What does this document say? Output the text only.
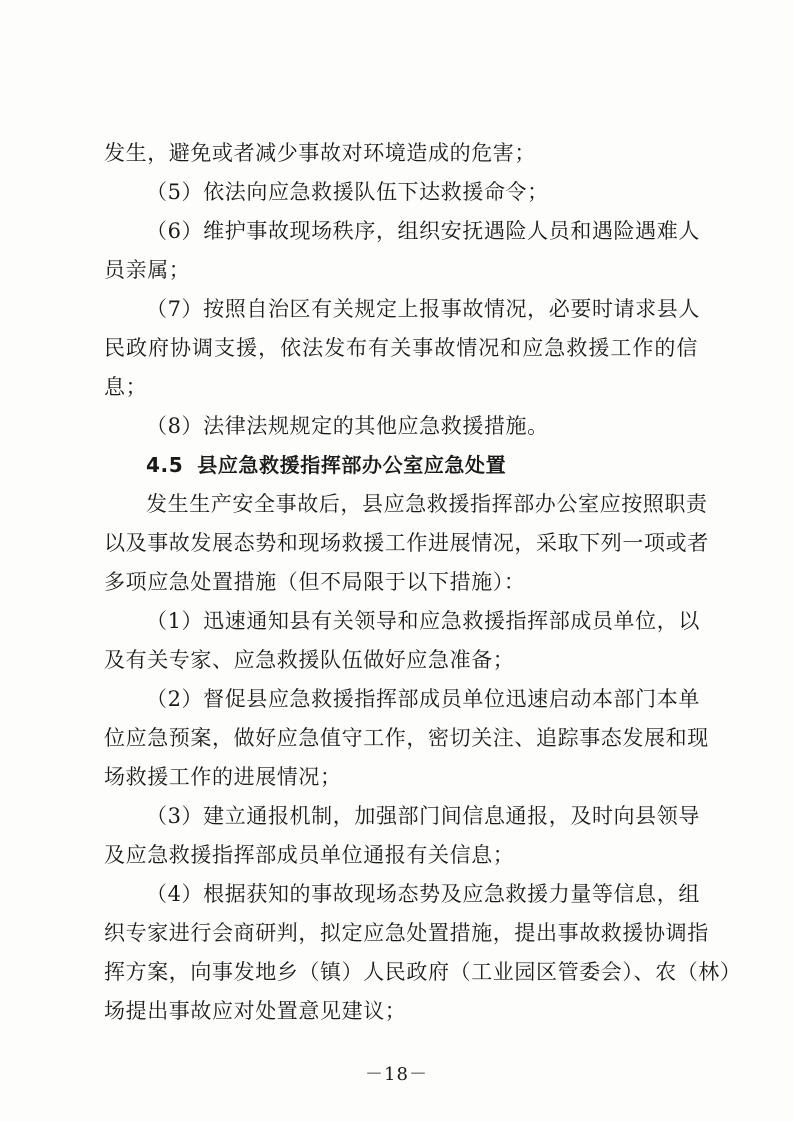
发生，避免或者减少事故对环境造成的危害；
（5）依法向应急救援队伍下达救援命令；
（6）维护事故现场秩序，组织安抚遇险人员和遇险遇难人
员亲属；
（7）按照自治区有关规定上报事故情况，必要时请求县人
民政府协调支援，依法发布有关事故情况和应急救援工作的信
息；
（8）法律法规规定的其他应急救援措施。
4.5 县应急救援指挥部办公室应急处置
发生生产安全事故后，县应急救援指挥部办公室应按照职责
以及事故发展态势和现场救援工作进展情况，采取下列一项或者
多项应急处置措施（但不局限于以下措施）：
（1）迅速通知县有关领导和应急救援指挥部成员单位，以
及有关专家、应急救援队伍做好应急准备；
（2）督促县应急救援指挥部成员单位迅速启动本部门本单
位应急预案，做好应急值守工作，密切关注、追踪事态发展和现
场救援工作的进展情况；
（3）建立通报机制，加强部门间信息通报，及时向县领导
及应急救援指挥部成员单位通报有关信息；
（4）根据获知的事故现场态势及应急救援力量等信息，组
织专家进行会商研判，拟定应急处置措施，提出事故救援协调指
挥方案，向事发地乡（镇）人民政府（工业园区管委会）、农（林）
场提出事故应对处置意见建议；
－18－
